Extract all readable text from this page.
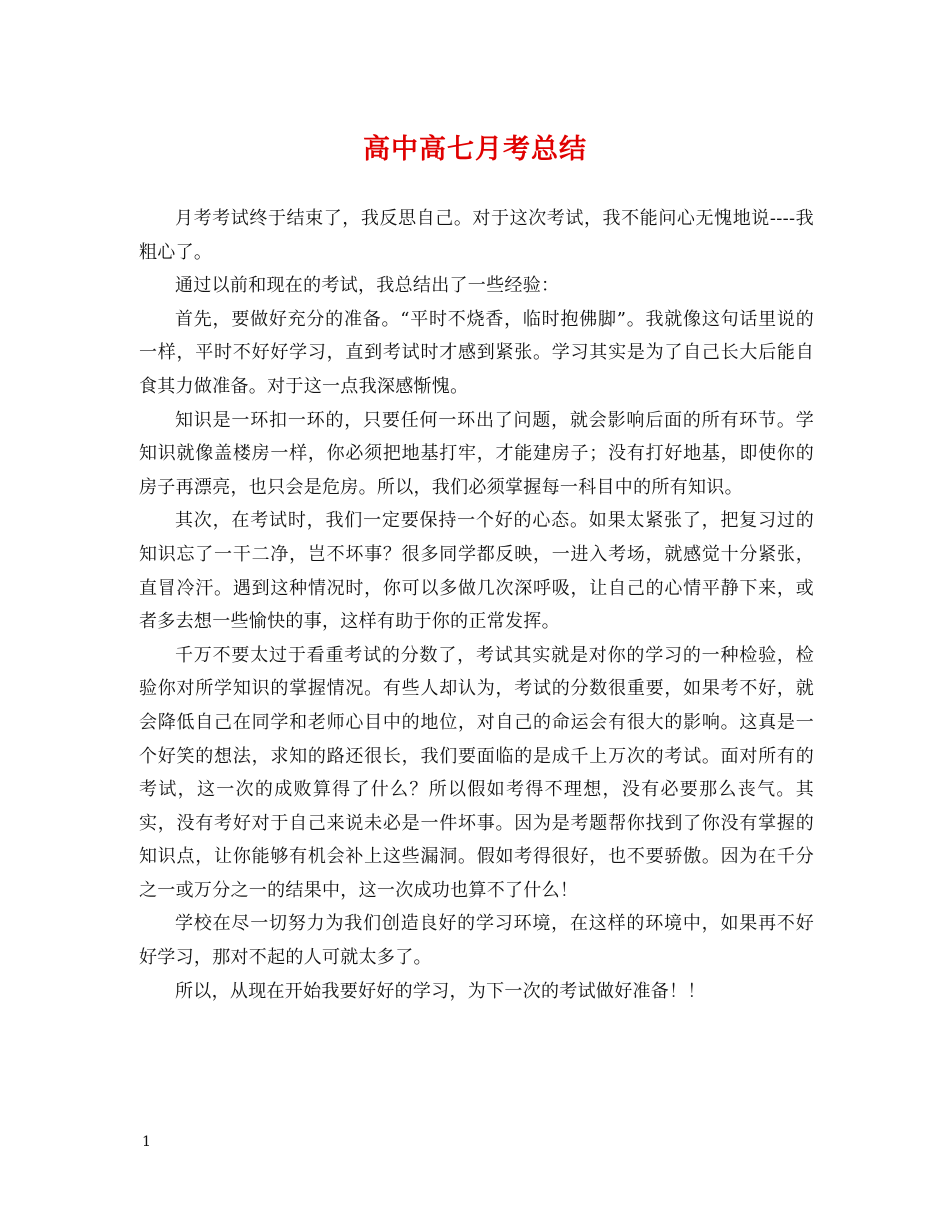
高中高七月考总结

月考考试终于结束了，我反思自己。对于这次考试，我不能问心无愧地说----我粗心了。

通过以前和现在的考试，我总结出了一些经验：

首先，要做好充分的准备。“平时不烧香，临时抱佛脚”。我就像这句话里说的一样，平时不好好学习，直到考试时才感到紧张。学习其实是为了自己长大后能自食其力做准备。对于这一点我深感惭愧。

知识是一环扣一环的，只要任何一环出了问题，就会影响后面的所有环节。学知识就像盖楼房一样，你必须把地基打牢，才能建房子；没有打好地基，即使你的房子再漂亮，也只会是危房。所以，我们必须掌握每一科目中的所有知识。

其次，在考试时，我们一定要保持一个好的心态。如果太紧张了，把复习过的知识忘了一干二净，岂不坏事？很多同学都反映，一进入考场，就感觉十分紧张，直冒冷汗。遇到这种情况时，你可以多做几次深呼吸，让自己的心情平静下来，或者多去想一些愉快的事，这样有助于你的正常发挥。

千万不要太过于看重考试的分数了，考试其实就是对你的学习的一种检验，检验你对所学知识的掌握情况。有些人却认为，考试的分数很重要，如果考不好，就会降低自己在同学和老师心目中的地位，对自己的命运会有很大的影响。这真是一个好笑的想法，求知的路还很长，我们要面临的是成千上万次的考试。面对所有的考试，这一次的成败算得了什么？所以假如考得不理想，没有必要那么丧气。其实，没有考好对于自己来说未必是一件坏事。因为是考题帮你找到了你没有掌握的知识点，让你能够有机会补上这些漏洞。假如考得很好，也不要骄傲。因为在千分之一或万分之一的结果中，这一次成功也算不了什么！

学校在尽一切努力为我们创造良好的学习环境，在这样的环境中，如果再不好好学习，那对不起的人可就太多了。

所以，从现在开始我要好好的学习，为下一次的考试做好准备！！

1
